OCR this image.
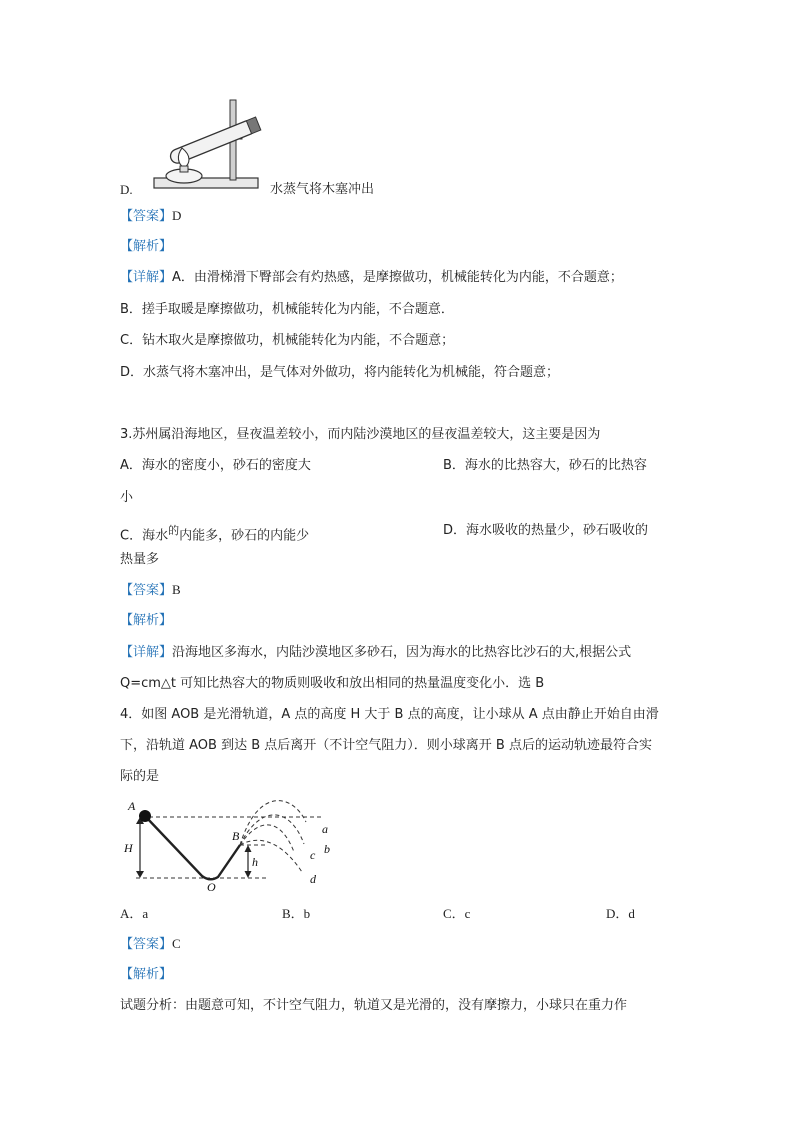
D.	水蒸气将木塞冲出
【答案】D
【解析】
【详解】A．由滑梯滑下臀部会有灼热感，是摩擦做功，机械能转化为内能，不合题意；
B．搓手取暖是摩擦做功，机械能转化为内能，不合题意．
C．钻木取火是摩擦做功，机械能转化为内能，不合题意；
D．水蒸气将木塞冲出，是气体对外做功，将内能转化为机械能，符合题意；
3.苏州属沿海地区，昼夜温差较小，而内陆沙漠地区的昼夜温差较大，这主要是因为
A．海水的密度小，砂石的密度大	B．海水的比热容大，砂石的比热容
小
C．海水$^的$内能多，砂石的内能少	D．海水吸收的热量少，砂石吸收的
热量多
【答案】B
【解析】
【详解】沿海地区多海水，内陆沙漠地区多砂石，因为海水的比热容比沙石的大,根据公式
Q=cm△t 可知比热容大的物质则吸收和放出相同的热量温度变化小．选 B
4．如图 AOB 是光滑轨道，A 点的高度 H 大于 B 点的高度，让小球从 A 点由静止开始自由滑
下，沿轨道 AOB 到达 B 点后离开（不计空气阻力）．则小球离开 B 点后的运动轨迹最符合实
际的是
A
H
O
B
h
a
b
c
d
A．a	B．b	C．c	D．d
【答案】C
【解析】
试题分析：由题意可知，不计空气阻力，轨道又是光滑的，没有摩擦力，小球只在重力作
